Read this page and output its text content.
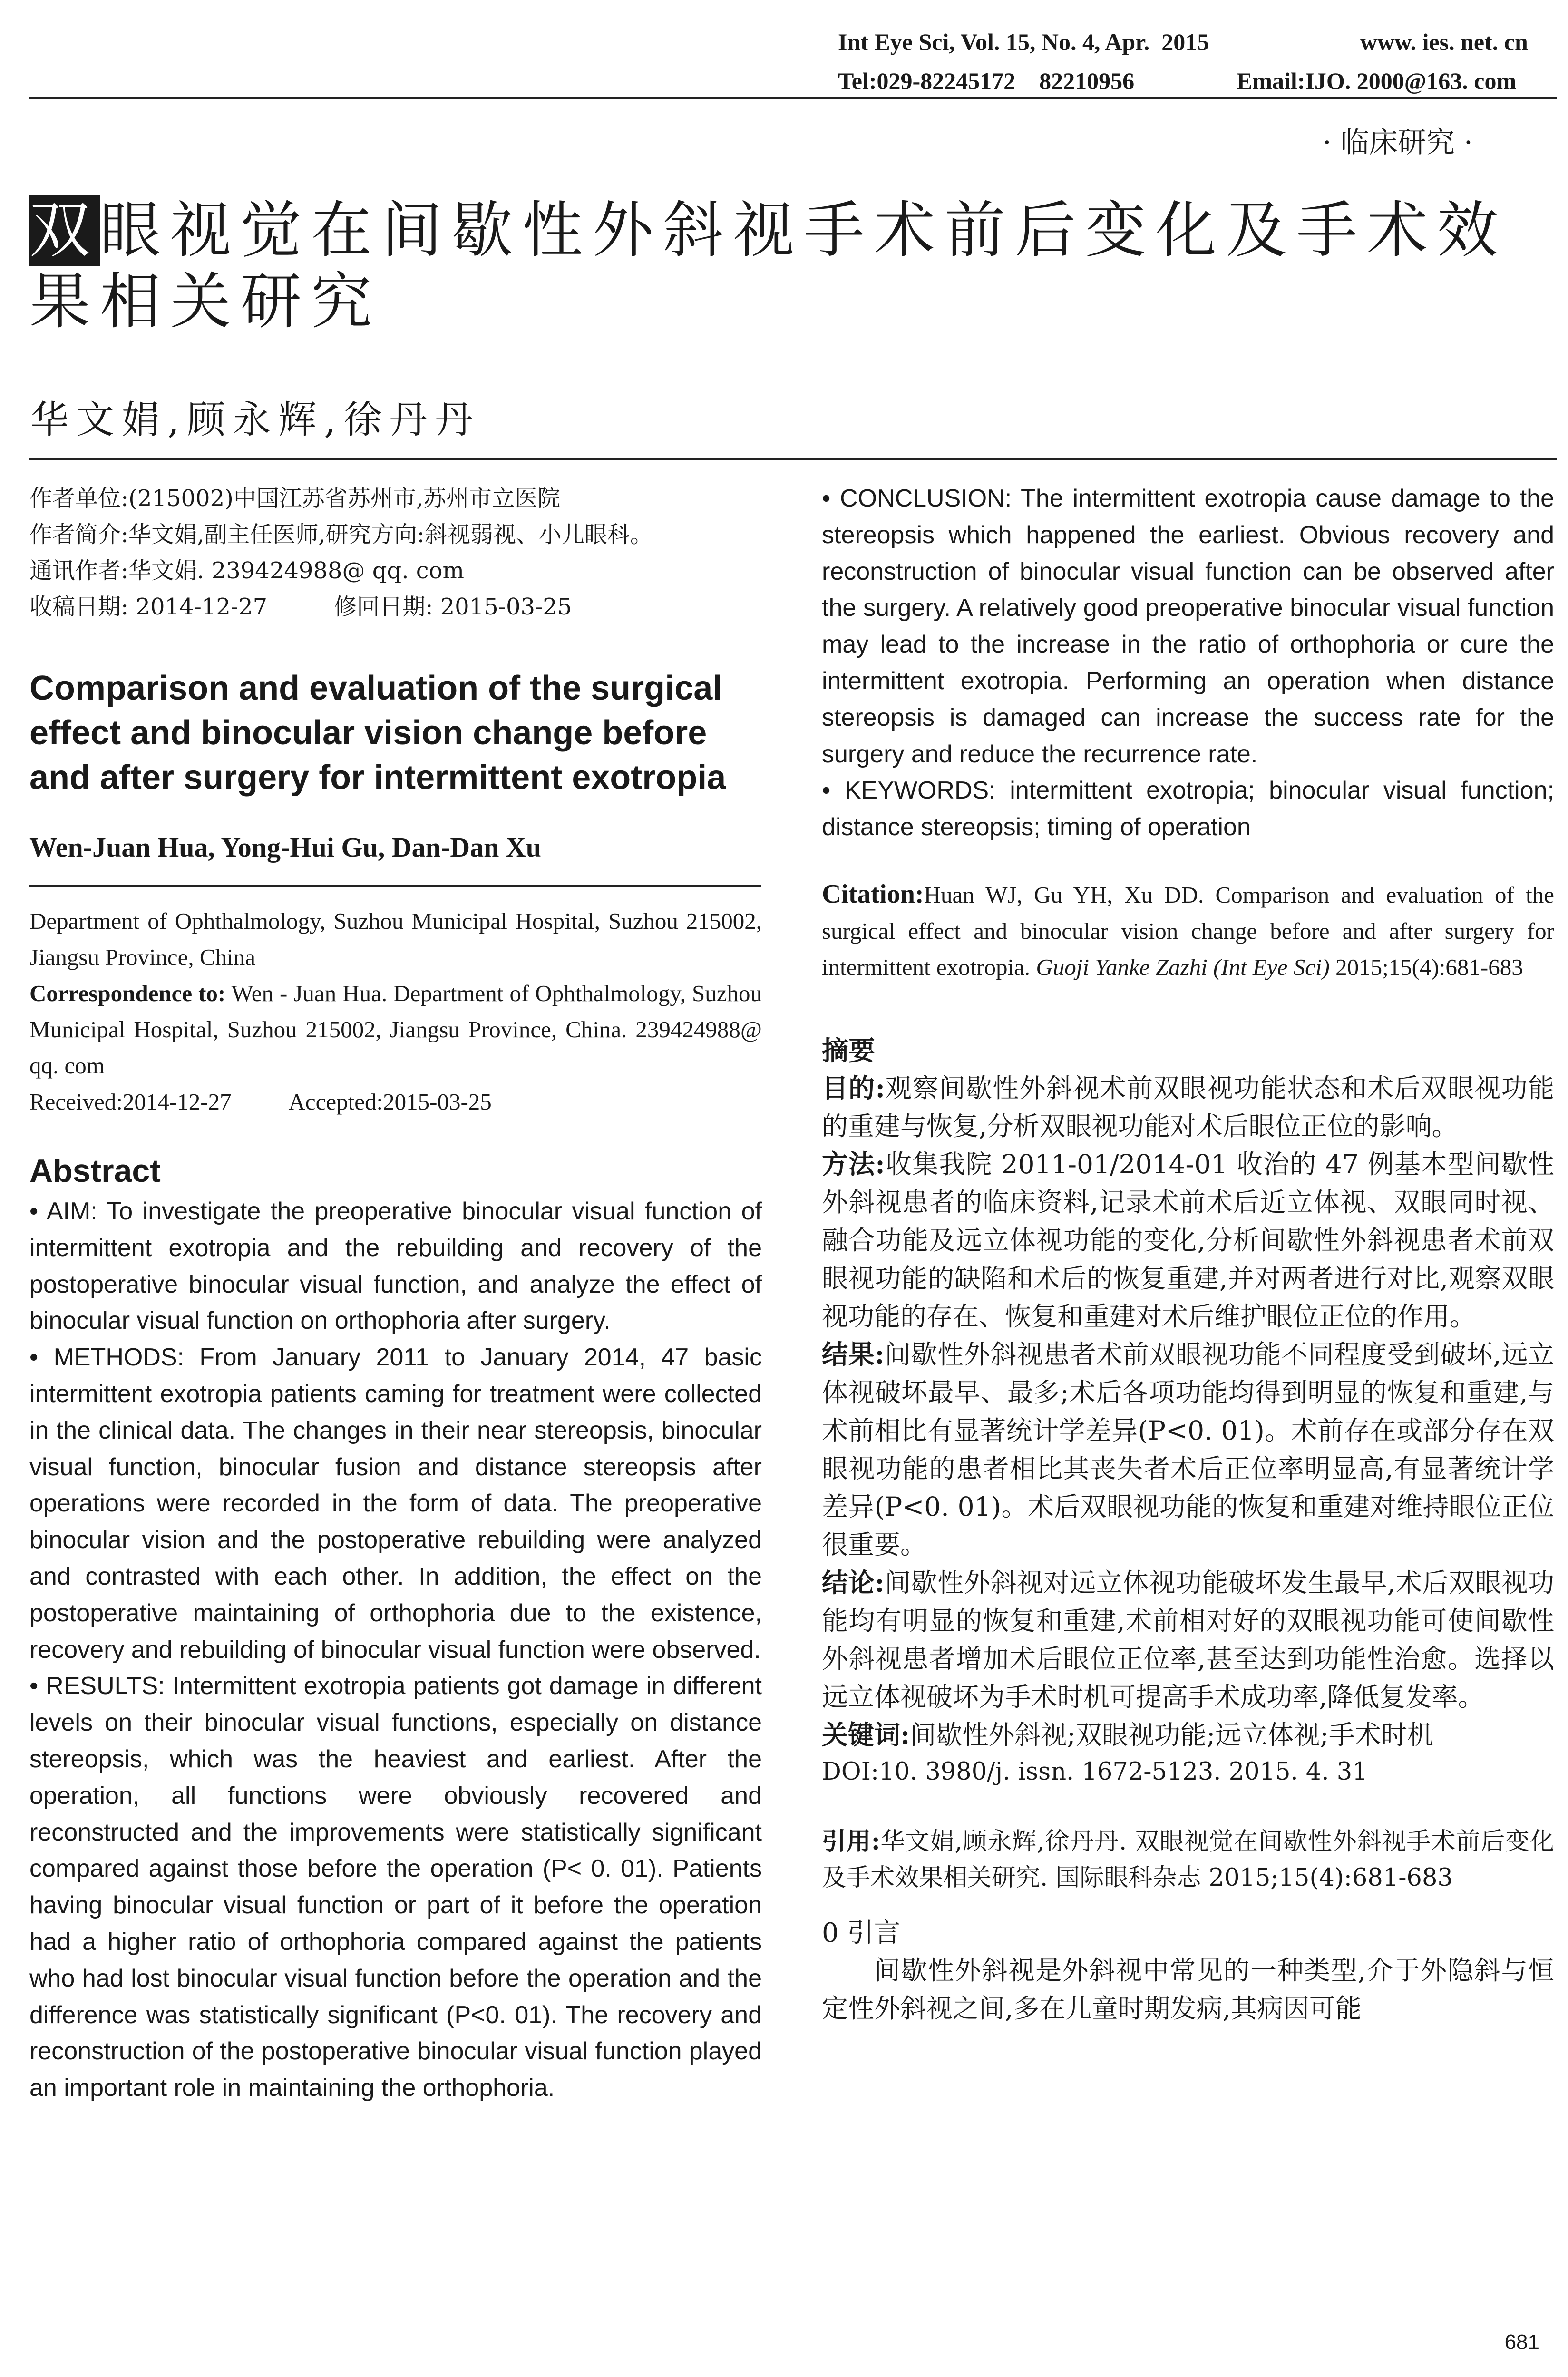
Int Eye Sci, Vol. 15, No. 4, Apr.  2015	www. ies. net. cn
Tel:029-82245172    82210956	Email:IJO. 2000@163. com
· 临床研究 ·
双眼视觉在间歇性外斜视手术前后变化及手术效果相关研究
华文娟,顾永辉,徐丹丹
作者单位:(215002)中国江苏省苏州市,苏州市立医院
作者简介:华文娟,副主任医师,研究方向:斜视弱视、小儿眼科。
通讯作者:华文娟. 239424988@ qq. com
收稿日期: 2014-12-27	修回日期: 2015-03-25
Comparison and evaluation of the surgical effect and binocular vision change before and after surgery for intermittent exotropia
Wen-Juan Hua, Yong-Hui Gu, Dan-Dan Xu
Department of Ophthalmology, Suzhou Municipal Hospital, Suzhou 215002, Jiangsu Province, China
Correspondence to: Wen - Juan Hua. Department of Ophthalmology, Suzhou Municipal Hospital, Suzhou 215002, Jiangsu Province, China. 239424988@ qq. com
Received:2014-12-27 Accepted:2015-03-25
Abstract

• AIM: To investigate the preoperative binocular visual function of intermittent exotropia and the rebuilding and recovery of the postoperative binocular visual function, and analyze the effect of binocular visual function on orthophoria after surgery.

• METHODS: From January 2011 to January 2014, 47 basic intermittent exotropia patients caming for treatment were collected in the clinical data. The changes in their near stereopsis, binocular visual function, binocular fusion and distance stereopsis after operations were recorded in the form of data. The preoperative binocular vision and the postoperative rebuilding were analyzed and contrasted with each other. In addition, the effect on the postoperative maintaining of orthophoria due to the existence, recovery and rebuilding of binocular visual function were observed.

• RESULTS: Intermittent exotropia patients got damage in different levels on their binocular visual functions, especially on distance stereopsis, which was the heaviest and earliest. After the operation, all functions were obviously recovered and reconstructed and the improvements were statistically significant compared against those before the operation (P< 0. 01). Patients having binocular visual function or part of it before the operation had a higher ratio of orthophoria compared against the patients who had lost binocular visual function before the operation and the difference was statistically significant (P<0. 01). The recovery and reconstruction of the postoperative binocular visual function played an important role in maintaining the orthophoria.

• CONCLUSION: The intermittent exotropia cause damage to the stereopsis which happened the earliest. Obvious recovery and reconstruction of binocular visual function can be observed after the surgery. A relatively good preoperative binocular visual function may lead to the increase in the ratio of orthophoria or cure the intermittent exotropia. Performing an operation when distance stereopsis is damaged can increase the success rate for the surgery and reduce the recurrence rate.

• KEYWORDS: intermittent exotropia; binocular visual function; distance stereopsis; timing of operation

Citation:Huan WJ, Gu YH, Xu DD. Comparison and evaluation of the surgical effect and binocular vision change before and after surgery for intermittent exotropia. Guoji Yanke Zazhi (Int Eye Sci) 2015;15(4):681-683
摘要

目的:观察间歇性外斜视术前双眼视功能状态和术后双眼视功能的重建与恢复,分析双眼视功能对术后眼位正位的影响。

方法:收集我院 2011-01/2014-01 收治的 47 例基本型间歇性外斜视患者的临床资料,记录术前术后近立体视、双眼同时视、融合功能及远立体视功能的变化,分析间歇性外斜视患者术前双眼视功能的缺陷和术后的恢复重建,并对两者进行对比,观察双眼视功能的存在、恢复和重建对术后维护眼位正位的作用。

结果:间歇性外斜视患者术前双眼视功能不同程度受到破坏,远立体视破坏最早、最多;术后各项功能均得到明显的恢复和重建,与术前相比有显著统计学差异(P<0. 01)。术前存在或部分存在双眼视功能的患者相比其丧失者术后正位率明显高,有显著统计学差异(P<0. 01)。术后双眼视功能的恢复和重建对维持眼位正位很重要。

结论:间歇性外斜视对远立体视功能破坏发生最早,术后双眼视功能均有明显的恢复和重建,术前相对好的双眼视功能可使间歇性外斜视患者增加术后眼位正位率,甚至达到功能性治愈。选择以远立体视破坏为手术时机可提高手术成功率,降低复发率。

关键词:间歇性外斜视;双眼视功能;远立体视;手术时机

DOI:10. 3980/j. issn. 1672-5123. 2015. 4. 31

引用:华文娟,顾永辉,徐丹丹. 双眼视觉在间歇性外斜视手术前后变化及手术效果相关研究. 国际眼科杂志 2015;15(4):681-683

0 引言

间歇性外斜视是外斜视中常见的一种类型,介于外隐斜与恒定性外斜视之间,多在儿童时期发病,其病因可能

681
